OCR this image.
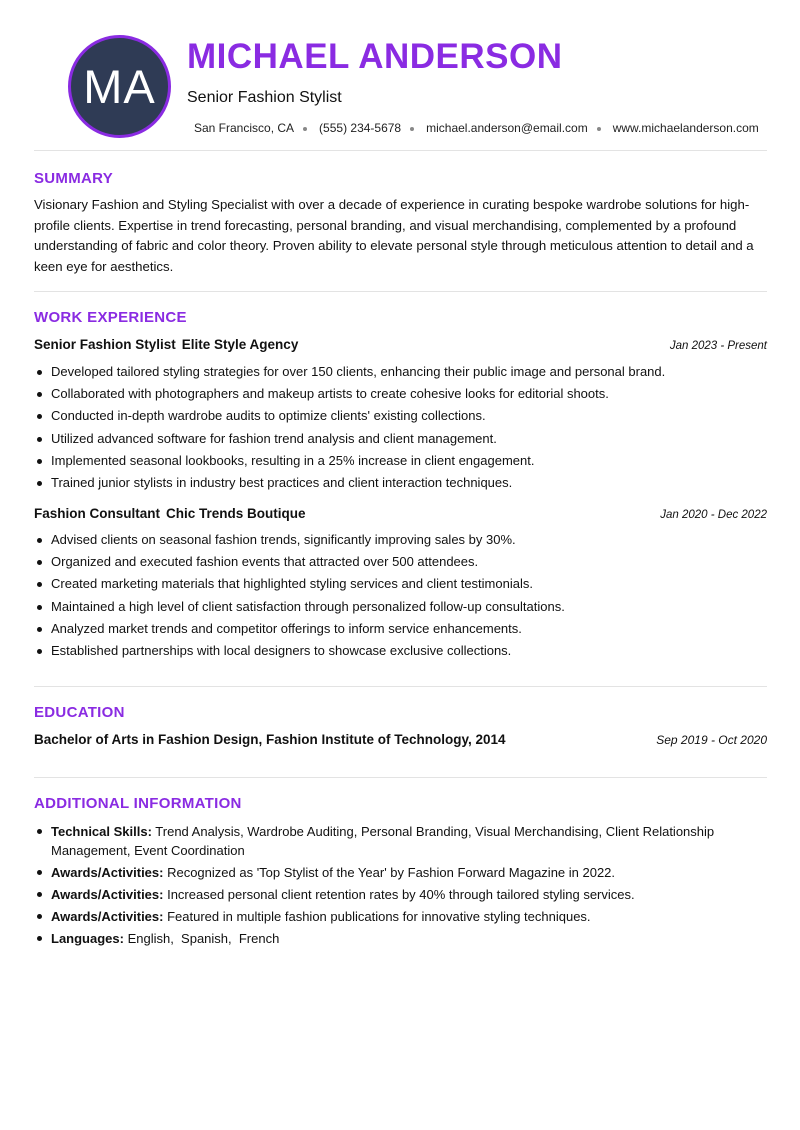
MA
MICHAEL ANDERSON
Senior Fashion Stylist
San Francisco, CA (555) 234-5678 michael.anderson@email.com www.michaelanderson.com
SUMMARY

Visionary Fashion and Styling Specialist with over a decade of experience in curating bespoke wardrobe solutions for high-profile clients. Expertise in trend forecasting, personal branding, and visual merchandising, complemented by a profound understanding of fabric and color theory. Proven ability to elevate personal style through meticulous attention to detail and a keen eye for aesthetics.

WORK EXPERIENCE
Senior Fashion Stylist Elite Style Agency	Jan 2023 - Present
Developed tailored styling strategies for over 150 clients, enhancing their public image and personal brand.
Collaborated with photographers and makeup artists to create cohesive looks for editorial shoots.
Conducted in-depth wardrobe audits to optimize clients' existing collections.
Utilized advanced software for fashion trend analysis and client management.
Implemented seasonal lookbooks, resulting in a 25% increase in client engagement.
Trained junior stylists in industry best practices and client interaction techniques.
Fashion Consultant Chic Trends Boutique	Jan 2020 - Dec 2022
Advised clients on seasonal fashion trends, significantly improving sales by 30%.
Organized and executed fashion events that attracted over 500 attendees.
Created marketing materials that highlighted styling services and client testimonials.
Maintained a high level of client satisfaction through personalized follow-up consultations.
Analyzed market trends and competitor offerings to inform service enhancements.
Established partnerships with local designers to showcase exclusive collections.
EDUCATION
Bachelor of Arts in Fashion Design, Fashion Institute of Technology, 2014	Sep 2019 - Oct 2020
ADDITIONAL INFORMATION
Technical Skills: Trend Analysis, Wardrobe Auditing, Personal Branding, Visual Merchandising, Client Relationship Management, Event Coordination
Awards/Activities: Recognized as 'Top Stylist of the Year' by Fashion Forward Magazine in 2022.
Awards/Activities: Increased personal client retention rates by 40% through tailored styling services.
Awards/Activities: Featured in multiple fashion publications for innovative styling techniques.
Languages: English,  Spanish,  French
